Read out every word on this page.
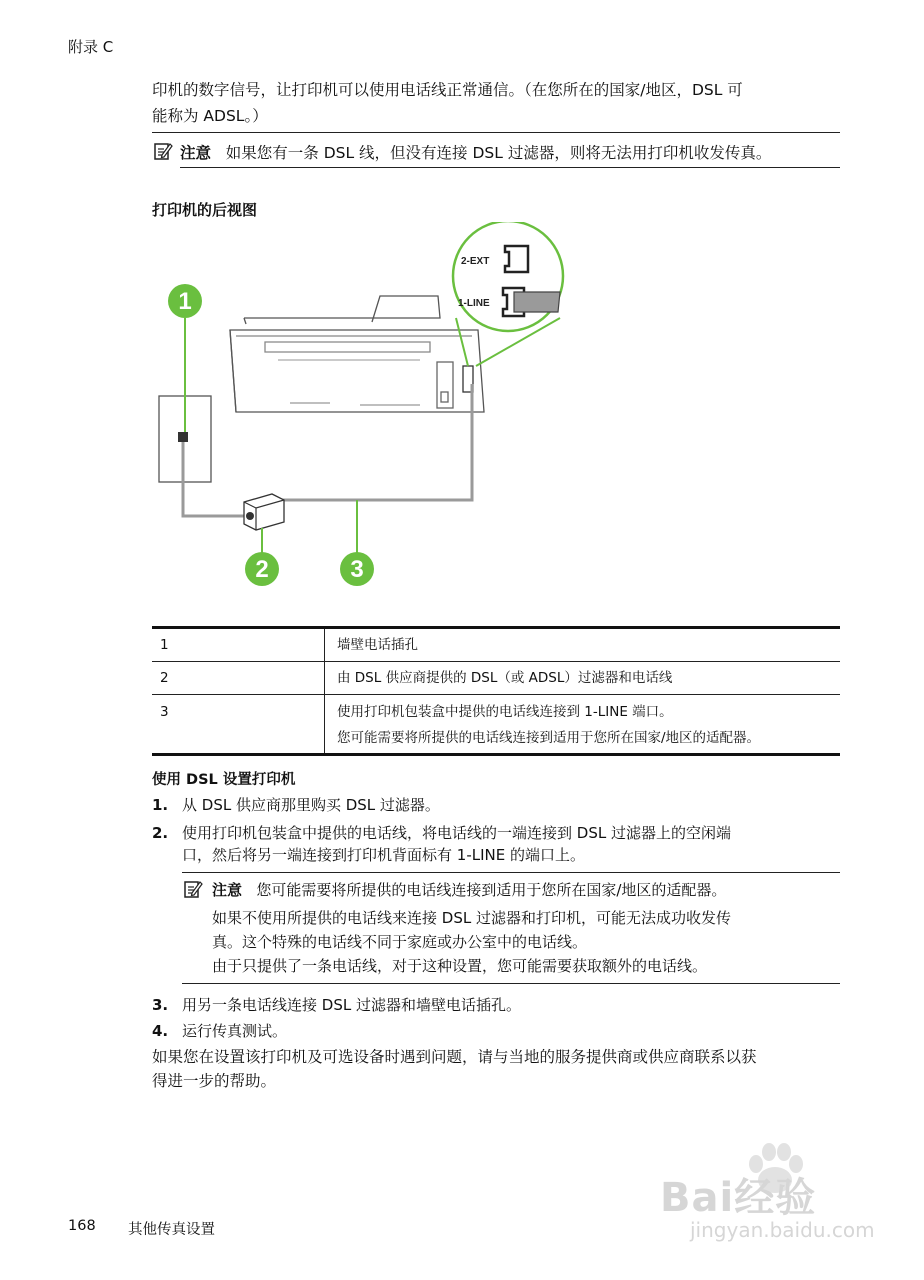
附录 C
印机的数字信号，让打印机可以使用电话线正常通信。（在您所在的国家/地区，DSL 可
能称为 ADSL。）
注意 如果您有一条 DSL 线，但没有连接 DSL 过滤器，则将无法用打印机收发传真。
打印机的后视图
1
2	3
2-EXT
1-LINE
1	墙壁电话插孔

2	由 DSL 供应商提供的 DSL（或 ADSL）过滤器和电话线

3	使用打印机包装盒中提供的电话线连接到 1-LINE 端口。
您可能需要将所提供的电话线连接到适用于您所在国家/地区的适配器。
使用 DSL 设置打印机
1. 从 DSL 供应商那里购买 DSL 过滤器。
2. 使用打印机包装盒中提供的电话线，将电话线的一端连接到 DSL 过滤器上的空闲端
口，然后将另一端连接到打印机背面标有 1-LINE 的端口上。
注意 您可能需要将所提供的电话线连接到适用于您所在国家/地区的适配器。
如果不使用所提供的电话线来连接 DSL 过滤器和打印机，可能无法成功收发传
真。这个特殊的电话线不同于家庭或办公室中的电话线。
由于只提供了一条电话线，对于这种设置，您可能需要获取额外的电话线。
3. 用另一条电话线连接 DSL 过滤器和墙壁电话插孔。
4. 运行传真测试。
如果您在设置该打印机及可选设备时遇到问题，请与当地的服务提供商或供应商联系以获
得进一步的帮助。
168 其他传真设置
Bai经验
jingyan.baidu.com
